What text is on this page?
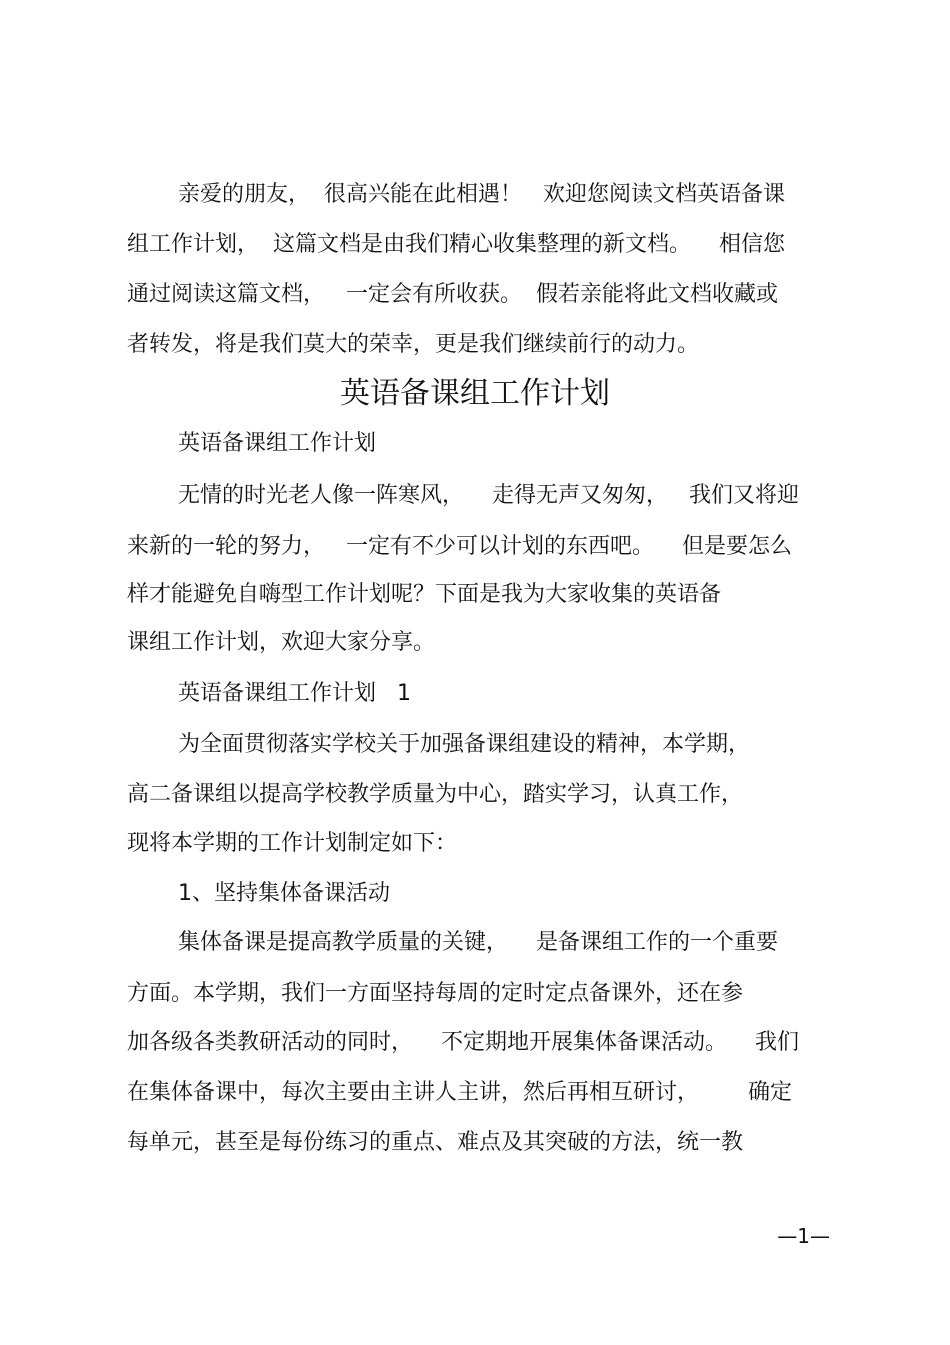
亲爱的朋友，  很高兴能在此相遇！   欢迎您阅读文档英语备课
组工作计划，  这篇文档是由我们精心收集整理的新文档。    相信您
通过阅读这篇文档，   一定会有所收获。  假若亲能将此文档收藏或
者转发，将是我们莫大的荣幸，更是我们继续前行的动力。
英语备课组工作计划
英语备课组工作计划
无情的时光老人像一阵寒风，    走得无声又匆匆，   我们又将迎
来新的一轮的努力，   一定有不少可以计划的东西吧。    但是要怎么
样才能避免自嗨型工作计划呢？下面是我为大家收集的英语备
课组工作计划，欢迎大家分享。
英语备课组工作计划   1
为全面贯彻落实学校关于加强备课组建设的精神，本学期，
高二备课组以提高学校教学质量为中心，踏实学习，认真工作，
现将本学期的工作计划制定如下：
1、坚持集体备课活动
集体备课是提高教学质量的关键，    是备课组工作的一个重要
方面。本学期，我们一方面坚持每周的定时定点备课外，还在参
加各级各类教研活动的同时，    不定期地开展集体备课活动。    我们
在集体备课中，每次主要由主讲人主讲，然后再相互研讨，       确定
每单元，甚至是每份练习的重点、难点及其突破的方法，统一教
—1—
